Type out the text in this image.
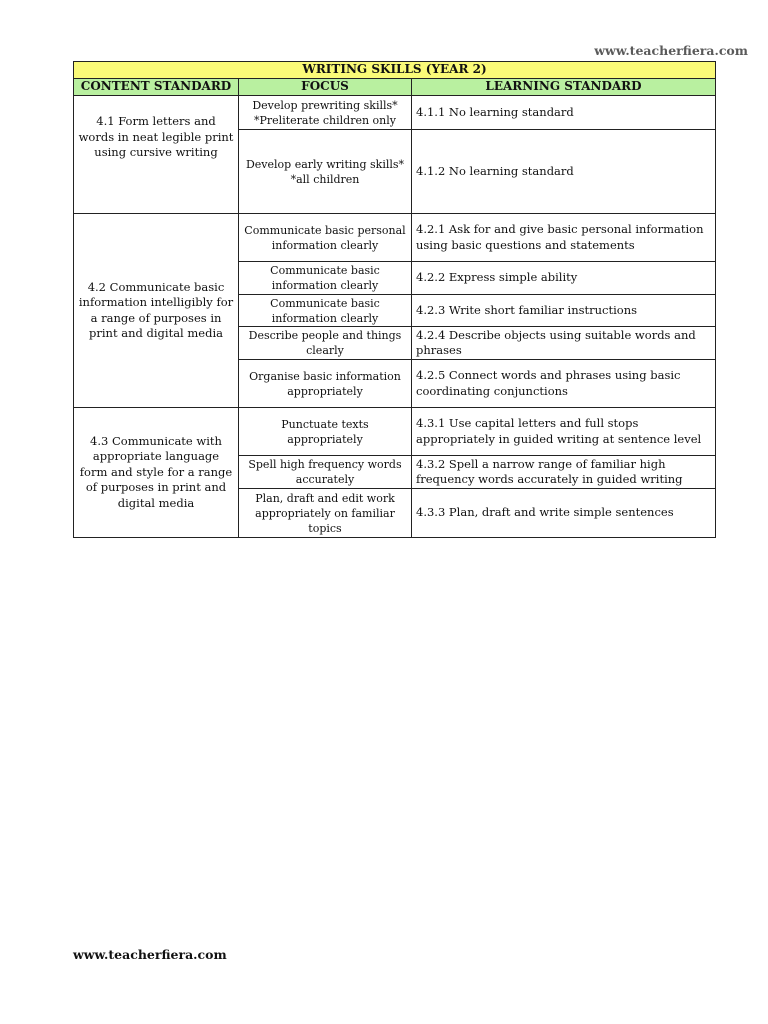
www.teacherfiera.com
WRITING SKILLS (YEAR 2)		
CONTENT STANDARD	FOCUS	LEARNING STANDARD
4.1 Form letters and words in neat legible print using cursive writing	Develop prewriting skills* *Preliterate children only	4.1.1 No learning standard
	Develop early writing skills* *all children	4.1.2 No learning standard
4.2 Communicate basic information intelligibly for a range of purposes in print and digital media	Communicate basic personal information clearly	4.2.1 Ask for and give basic personal information using basic questions and statements
	Communicate basic information clearly	4.2.2 Express simple ability
	Communicate basic information clearly	4.2.3 Write short familiar instructions
	Describe people and things clearly	4.2.4 Describe objects using suitable words and phrases
	Organise basic information appropriately	4.2.5 Connect words and phrases using basic coordinating conjunctions
4.3 Communicate with appropriate language form and style for a range of purposes in print and digital media	Punctuate texts appropriately	4.3.1 Use capital letters and full stops appropriately in guided writing at sentence level
	Spell high frequency words accurately	4.3.2 Spell a narrow range of familiar high frequency words accurately in guided writing
	Plan, draft and edit work appropriately on familiar topics	4.3.3 Plan, draft and write simple sentences
www.teacherfiera.com
